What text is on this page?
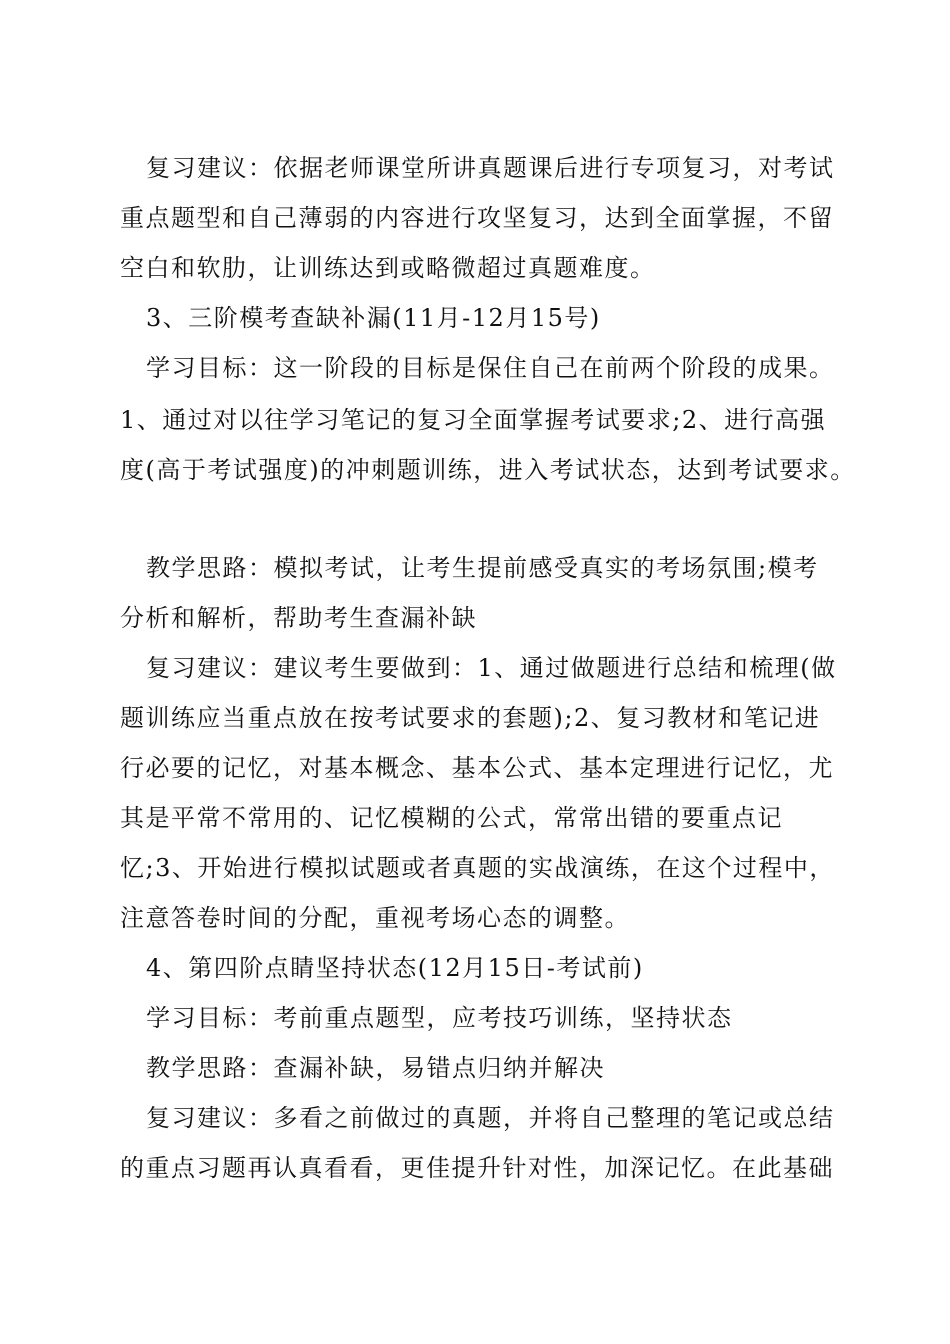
复习建议：依据老师课堂所讲真题课后进行专项复习，对考试
重点题型和自己薄弱的内容进行攻坚复习，达到全面掌握，不留
空白和软肋，让训练达到或略微超过真题难度。
3、三阶模考查缺补漏(11月-12月15号)
学习目标：这一阶段的目标是保住自己在前两个阶段的成果。
1、通过对以往学习笔记的复习全面掌握考试要求;2、进行高强
度(高于考试强度)的冲刺题训练，进入考试状态，达到考试要求。
教学思路：模拟考试，让考生提前感受真实的考场氛围;模考
分析和解析，帮助考生查漏补缺
复习建议：建议考生要做到：1、通过做题进行总结和梳理(做
题训练应当重点放在按考试要求的套题);2、复习教材和笔记进
行必要的记忆，对基本概念、基本公式、基本定理进行记忆，尤
其是平常不常用的、记忆模糊的公式，常常出错的要重点记
忆;3、开始进行模拟试题或者真题的实战演练，在这个过程中，
注意答卷时间的分配，重视考场心态的调整。
4、第四阶点睛坚持状态(12月15日-考试前)
学习目标：考前重点题型，应考技巧训练，坚持状态
教学思路：查漏补缺，易错点归纳并解决
复习建议：多看之前做过的真题，并将自己整理的笔记或总结
的重点习题再认真看看，更佳提升针对性，加深记忆。在此基础
